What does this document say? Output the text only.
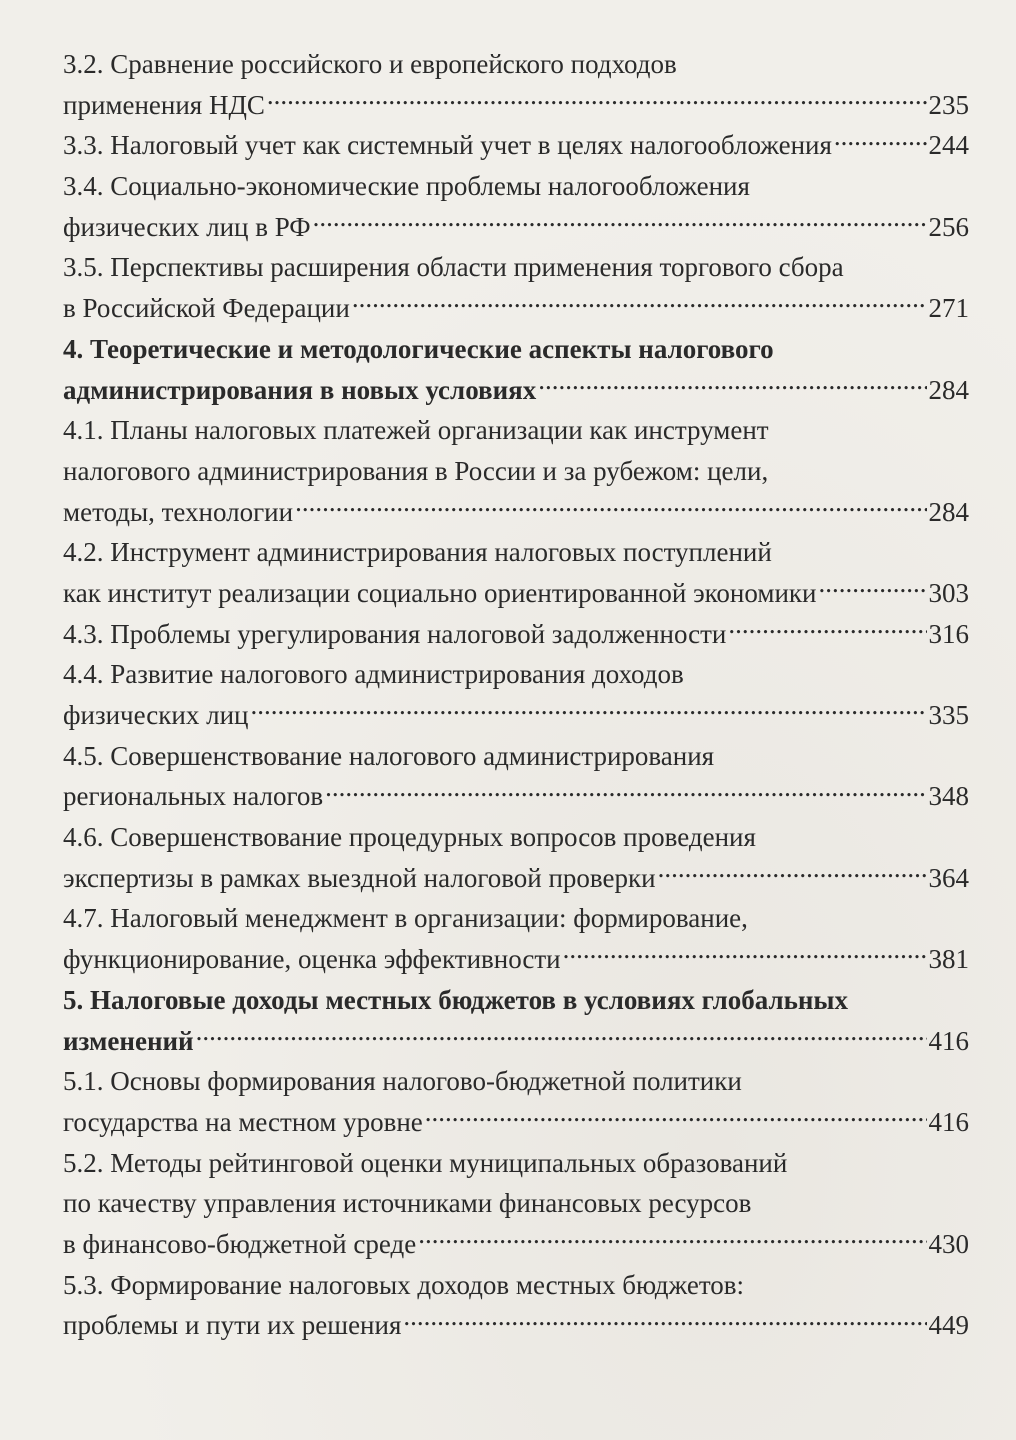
3.2. Сравнение российского и европейского подходов
применения НДС .....	235
3.3. Налоговый учет как системный учет в целях налогообложения .....	244
3.4. Социально-экономические проблемы налогообложения
физических лиц в РФ .....	256
3.5. Перспективы расширения области применения торгового сбора
в Российской Федерации .....	271
4. Теоретические и методологические аспекты налогового
администрирования в новых условиях .....	284
4.1. Планы налоговых платежей организации как инструмент
налогового администрирования в России и за рубежом: цели,
методы, технологии .....	284
4.2. Инструмент администрирования налоговых поступлений
как институт реализации социально ориентированной экономики .....	303
4.3. Проблемы урегулирования налоговой задолженности .....	316
4.4. Развитие налогового администрирования доходов
физических лиц .....	335
4.5. Совершенствование налогового администрирования
региональных налогов .....	348
4.6. Совершенствование процедурных вопросов проведения
экспертизы в рамках выездной налоговой проверки .....	364
4.7. Налоговый менеджмент в организации: формирование,
функционирование, оценка эффективности .....	381
5. Налоговые доходы местных бюджетов в условиях глобальных
изменений .....	416
5.1. Основы формирования налогово-бюджетной политики
государства на местном уровне .....	416
5.2. Методы рейтинговой оценки муниципальных образований
по качеству управления источниками финансовых ресурсов
в финансово-бюджетной среде .....	430
5.3. Формирование налоговых доходов местных бюджетов:
проблемы и пути их решения .....	449
